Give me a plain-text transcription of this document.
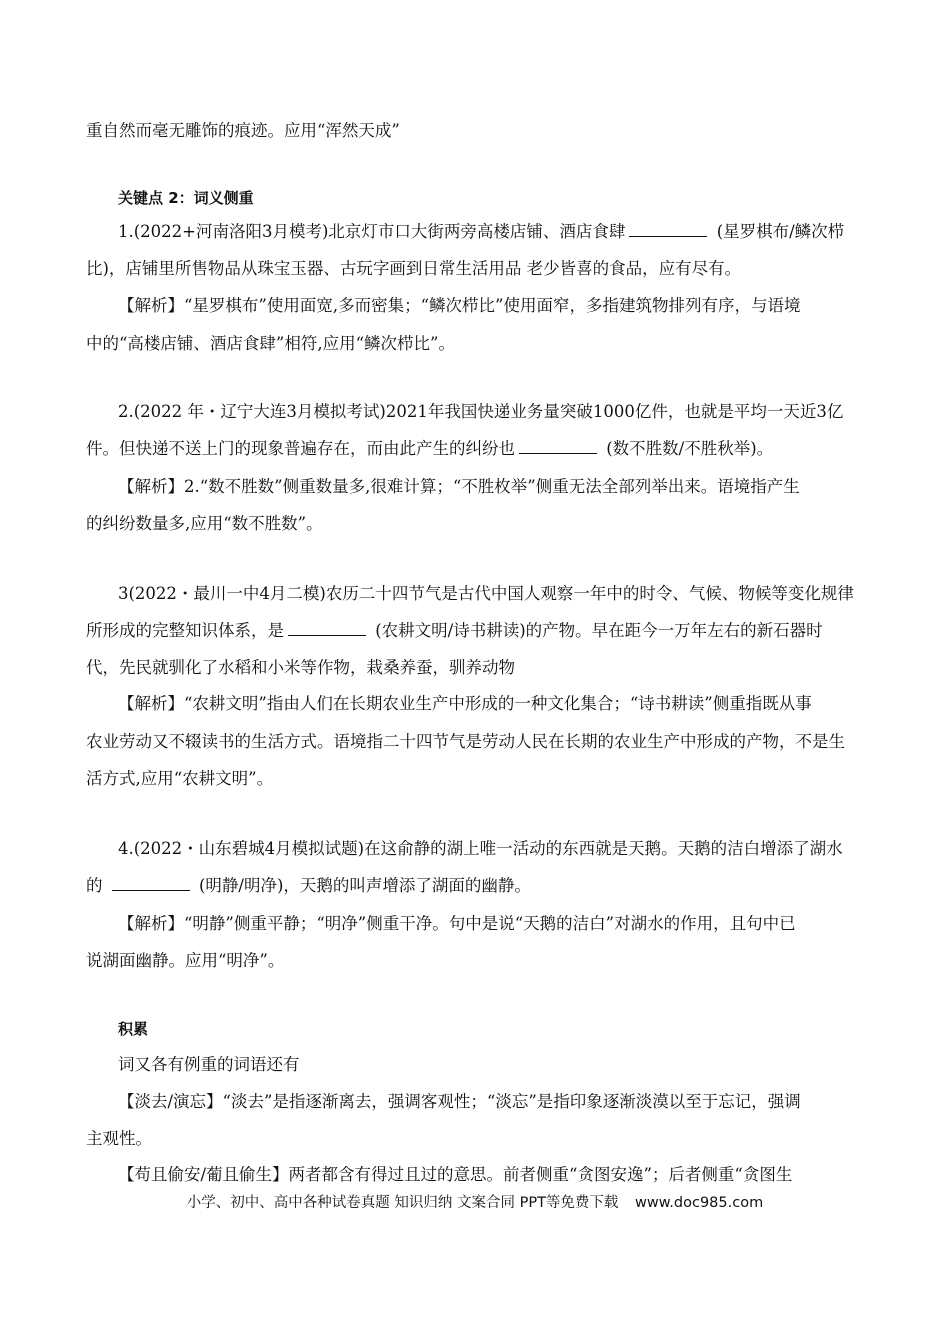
重自然而毫无雕饰的痕迹。应用“浑然天成”
关键点 2：词义侧重
1.(2022+河南洛阳3月模考)北京灯市口大街两旁高楼店铺、酒店食肆	(星罗棋布/鳞次栉
比)，店铺里所售物品从珠宝玉器、古玩字画到日常生活用品 老少皆喜的食品，应有尽有。
【解析】“星罗棋布”使用面宽,多而密集；“鳞次栉比”使用面窄，多指建筑物排列有序，与语境
中的“高楼店铺、酒店食肆”相符,应用“鳞次栉比”。
2.(2022 年・辽宁大连3月模拟考试)2021年我国快递业务量突破1000亿件，也就是平均一天近3亿
件。但快递不送上门的现象普遍存在，而由此产生的纠纷也	(数不胜数/不胜秋举)。
【解析】2.“数不胜数”侧重数量多,很难计算；“不胜枚举”侧重无法全部列举出来。语境指产生
的纠纷数量多,应用“数不胜数”。
3(2022・最川一中4月二模)农历二十四节气是古代中国人观察一年中的时令、气候、物候等变化规律
所形成的完整知识体系，是	(农耕文明/诗书耕读)的产物。早在距今一万年左右的新石器时
代，先民就驯化了水稻和小米等作物，栽桑养蚕，驯养动物
【解析】“农耕文明”指由人们在长期农业生产中形成的一种文化集合；“诗书耕读”侧重指既从事
农业劳动又不辍读书的生活方式。语境指二十四节气是劳动人民在长期的农业生产中形成的产物，不是生
活方式,应用“农耕文明”。
4.(2022・山东碧城4月模拟试题)在这俞静的湖上唯一活动的东西就是天鹅。天鹅的洁白增添了湖水
的	(明静/明净)，天鹅的叫声增添了湖面的幽静。
【解析】“明静”侧重平静；“明净”侧重干净。句中是说“天鹅的洁白”对湖水的作用，且句中已
说湖面幽静。应用“明净”。
积累
词又各有例重的词语还有
【淡去/演忘】“淡去”是指逐渐离去，强调客观性；“淡忘”是指印象逐渐淡漠以至于忘记，强调
主观性。
【苟且偷安/葡且偷生】两者都含有得过且过的意思。前者侧重“贪图安逸”；后者侧重“贪图生
小学、初中、高中各种试卷真题 知识归纳 文案合同 PPT等免费下载 www.doc985.com
